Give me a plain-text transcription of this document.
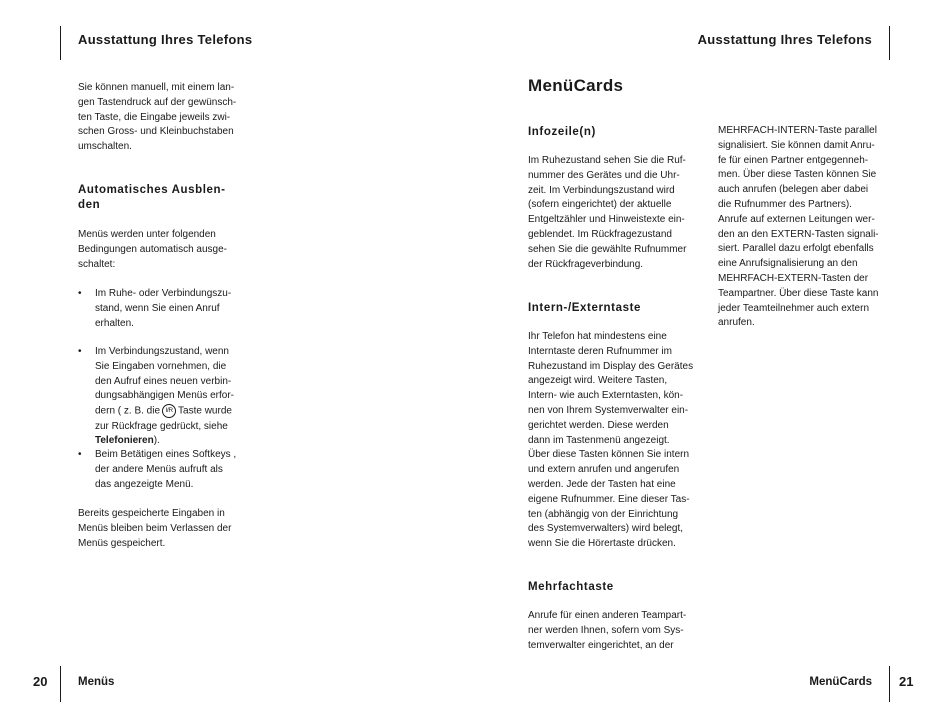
Ausstattung Ihres Telefons

Sie können manuell, mit einem lan-

gen Tastendruck auf der gewünsch-

ten Taste, die Eingabe jeweils zwi-

schen Gross- und Kleinbuchstaben

umschalten.

Automatisches Ausblen-
den

Menüs werden unter folgenden

Bedingungen automatisch ausge-

schaltet:

• Im Ruhe- oder Verbindungszu-

stand, wenn Sie einen Anruf

erhalten.

• Im Verbindungszustand, wenn

Sie Eingaben vornehmen, die

den Aufruf eines neuen verbin-

dungsabhängigen Menüs erfor-

dern ( z. B. die I/R Taste wurde

zur Rückfrage gedrückt, siehe

Telefonieren).

• Beim Betätigen eines Softkeys ,

der andere Menüs aufruft als

das angezeigte Menü.

Bereits gespeicherte Eingaben in

Menüs bleiben beim Verlassen der

Menüs gespeichert.

20	Menüs
Ausstattung Ihres Telefons
MenüCards
Infozeile(n)

Im Ruhezustand sehen Sie die Ruf-

nummer des Gerätes und die Uhr-

zeit. Im Verbindungszustand wird

(sofern eingerichtet) der aktuelle

Entgeltzähler und Hinweistexte ein-

geblendet. Im Rückfragezustand

sehen Sie die gewählte Rufnummer

der Rückfrageverbindung.

Intern-/Externtaste

Ihr Telefon hat mindestens eine

Interntaste deren Rufnummer im

Ruhezustand im Display des Gerätes

angezeigt wird. Weitere Tasten,

Intern- wie auch Externtasten, kön-

nen von Ihrem Systemverwalter ein-

gerichtet werden. Diese werden

dann im Tastenmenü angezeigt.

Über diese Tasten können Sie intern

und extern anrufen und angerufen

werden. Jede der Tasten hat eine

eigene Rufnummer. Eine dieser Tas-

ten (abhängig von der Einrichtung

des Systemverwalters) wird belegt,

wenn Sie die Hörertaste drücken.

Mehrfachtaste

Anrufe für einen anderen Teampart-

ner werden Ihnen, sofern vom Sys-

temverwalter eingerichtet, an der

MEHRFACH-INTERN-Taste parallel

signalisiert. Sie können damit Anru-

fe für einen Partner entgegenneh-

men. Über diese Tasten können Sie

auch anrufen (belegen aber dabei

die Rufnummer des Partners).

Anrufe auf externen Leitungen wer-

den an den EXTERN-Tasten signali-

siert. Parallel dazu erfolgt ebenfalls

eine Anrufsignalisierung an den

MEHRFACH-EXTERN-Tasten der

Teampartner. Über diese Taste kann

jeder Teamteilnehmer auch extern

anrufen.

MenüCards 21
